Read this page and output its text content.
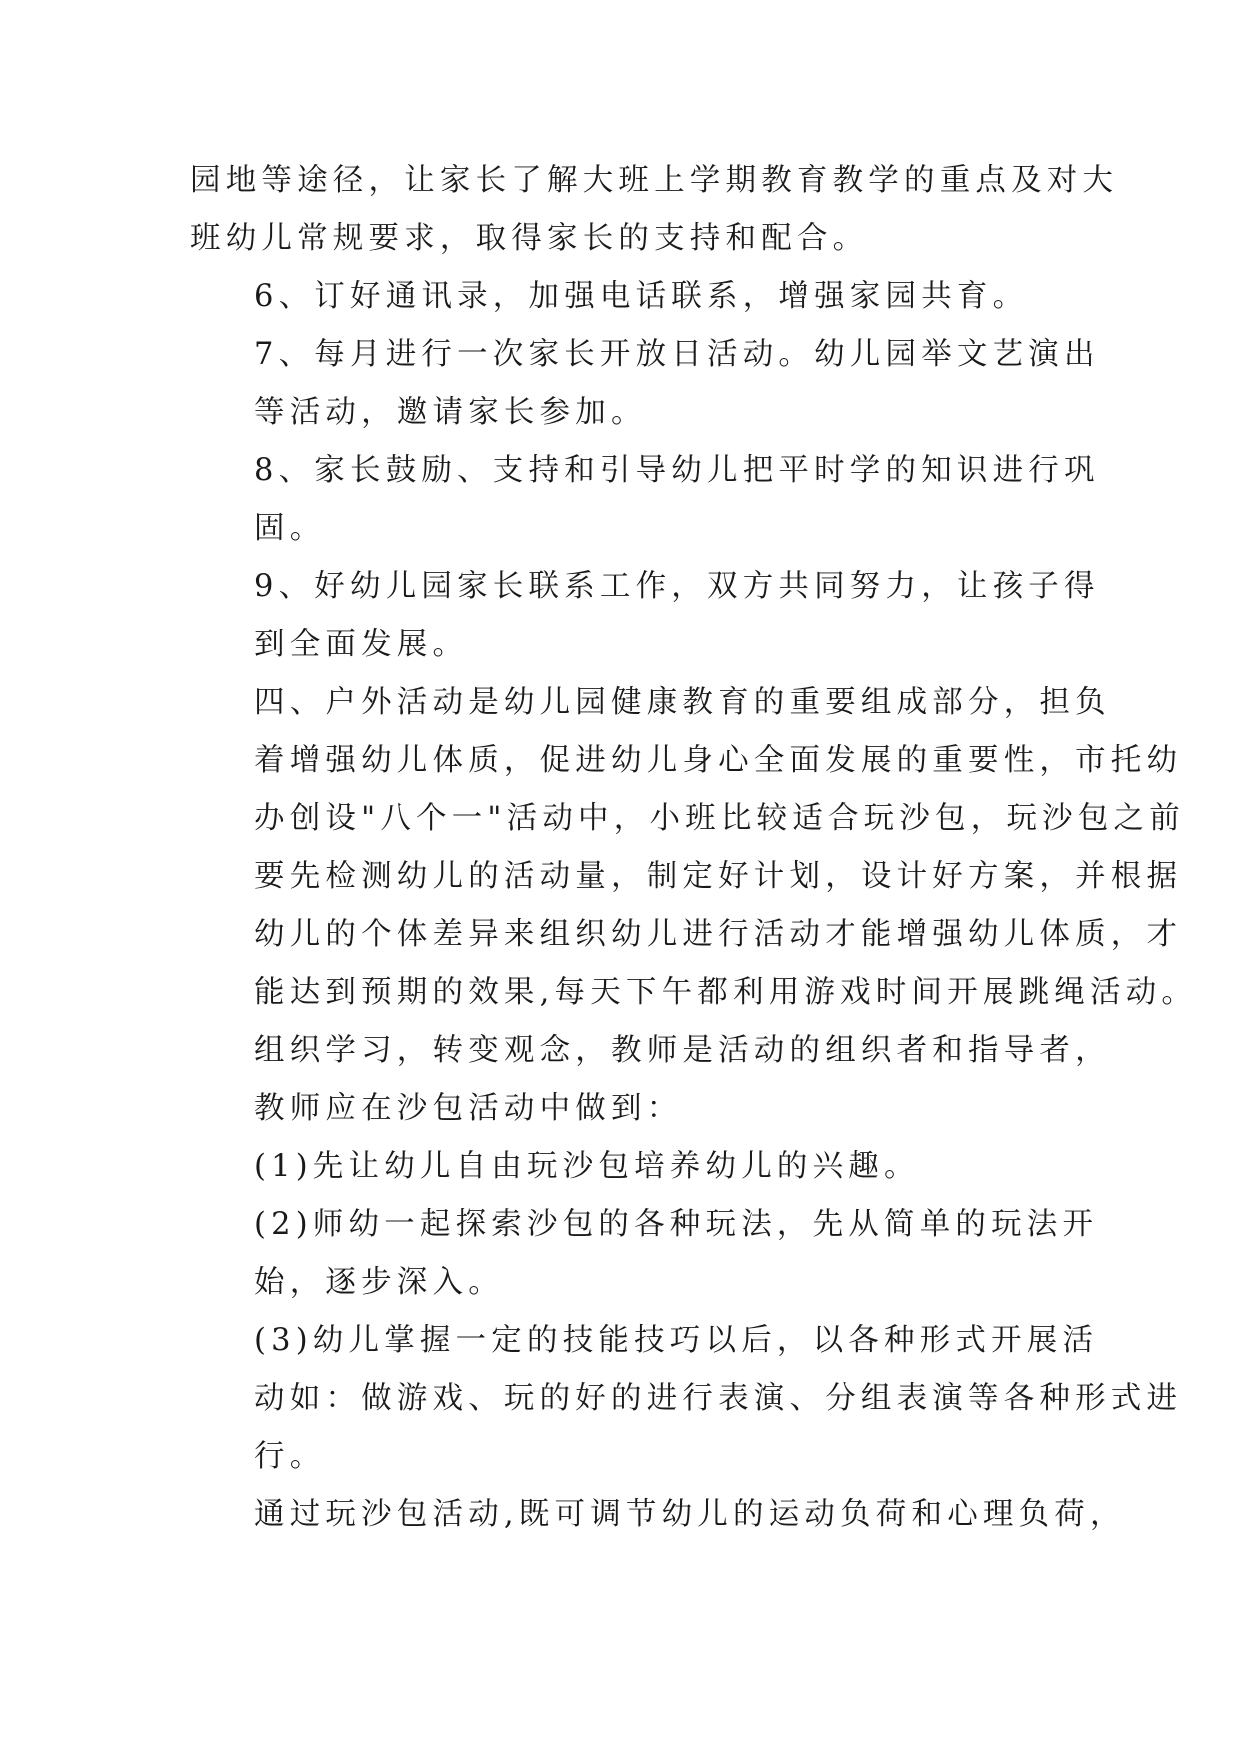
园地等途径，让家长了解大班上学期教育教学的重点及对大
班幼儿常规要求，取得家长的支持和配合。

6、订好通讯录，加强电话联系，增强家园共育。

7、每月进行一次家长开放日活动。幼儿园举文艺演出
等活动，邀请家长参加。

8、家长鼓励、支持和引导幼儿把平时学的知识进行巩
固。

9、好幼儿园家长联系工作，双方共同努力，让孩子得
到全面发展。

四、户外活动是幼儿园健康教育的重要组成部分，担负
着增强幼儿体质，促进幼儿身心全面发展的重要性，市托幼
办创设"八个一"活动中，小班比较适合玩沙包，玩沙包之前
要先检测幼儿的活动量，制定好计划，设计好方案，并根据
幼儿的个体差异来组织幼儿进行活动才能增强幼儿体质，才
能达到预期的效果,每天下午都利用游戏时间开展跳绳活动。

组织学习，转变观念，教师是活动的组织者和指导者，
教师应在沙包活动中做到：

(1)先让幼儿自由玩沙包培养幼儿的兴趣。

(2)师幼一起探索沙包的各种玩法，先从简单的玩法开
始，逐步深入。

(3)幼儿掌握一定的技能技巧以后，以各种形式开展活
动如：做游戏、玩的好的进行表演、分组表演等各种形式进
行。

通过玩沙包活动,既可调节幼儿的运动负荷和心理负荷，
